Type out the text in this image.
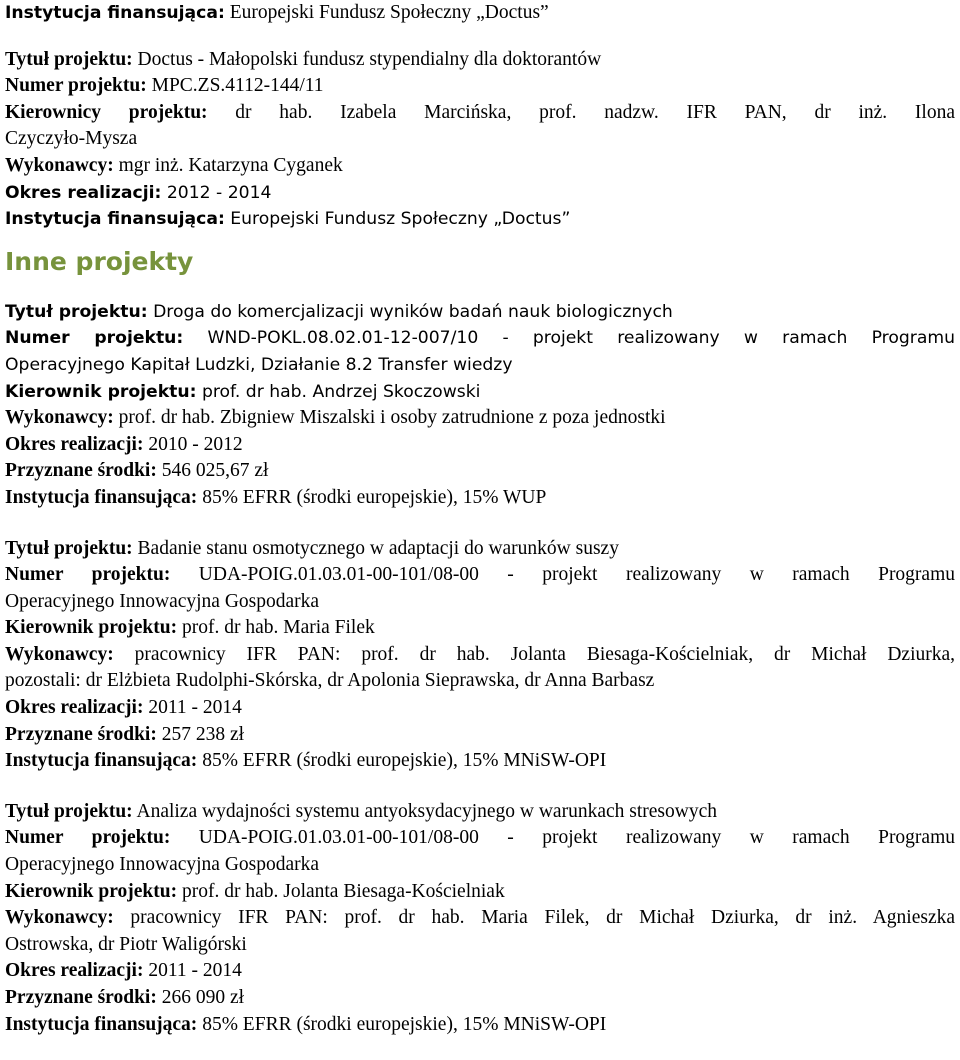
Instytucja finansująca: Europejski Fundusz Społeczny „Doctus”
Tytuł projektu: Doctus - Małopolski fundusz stypendialny dla doktorantów
Numer projektu: MPC.ZS.4112-144/11
Kierownicy projektu: dr hab. Izabela Marcińska, prof. nadzw. IFR PAN, dr inż. Ilona
Czyczyło-Mysza
Wykonawcy: mgr inż. Katarzyna Cyganek
Okres realizacji: 2012 - 2014
Instytucja finansująca: Europejski Fundusz Społeczny „Doctus”
Inne projekty
Tytuł projektu: Droga do komercjalizacji wyników badań nauk biologicznych
Numer projektu: WND-POKL.08.02.01-12-007/10 - projekt realizowany w ramach Programu
Operacyjnego Kapitał Ludzki, Działanie 8.2 Transfer wiedzy
Kierownik projektu: prof. dr hab. Andrzej Skoczowski
Wykonawcy: prof. dr hab. Zbigniew Miszalski i osoby zatrudnione z poza jednostki
Okres realizacji: 2010 - 2012
Przyznane środki: 546 025,67 zł
Instytucja finansująca: 85% EFRR (środki europejskie), 15% WUP
Tytuł projektu: Badanie stanu osmotycznego w adaptacji do warunków suszy
Numer projektu: UDA-POIG.01.03.01-00-101/08-00 - projekt realizowany w ramach Programu
Operacyjnego Innowacyjna Gospodarka
Kierownik projektu: prof. dr hab. Maria Filek
Wykonawcy: pracownicy IFR PAN: prof. dr hab. Jolanta Biesaga-Kościelniak, dr Michał Dziurka,
pozostali: dr Elżbieta Rudolphi-Skórska, dr Apolonia Sieprawska, dr Anna Barbasz
Okres realizacji: 2011 - 2014
Przyznane środki: 257 238 zł
Instytucja finansująca: 85% EFRR (środki europejskie), 15% MNiSW-OPI
Tytuł projektu: Analiza wydajności systemu antyoksydacyjnego w warunkach stresowych
Numer projektu: UDA-POIG.01.03.01-00-101/08-00 - projekt realizowany w ramach Programu
Operacyjnego Innowacyjna Gospodarka
Kierownik projektu: prof. dr hab. Jolanta Biesaga-Kościelniak
Wykonawcy: pracownicy IFR PAN: prof. dr hab. Maria Filek, dr Michał Dziurka, dr inż. Agnieszka
Ostrowska, dr Piotr Waligórski
Okres realizacji: 2011 - 2014
Przyznane środki: 266 090 zł
Instytucja finansująca: 85% EFRR (środki europejskie), 15% MNiSW-OPI
